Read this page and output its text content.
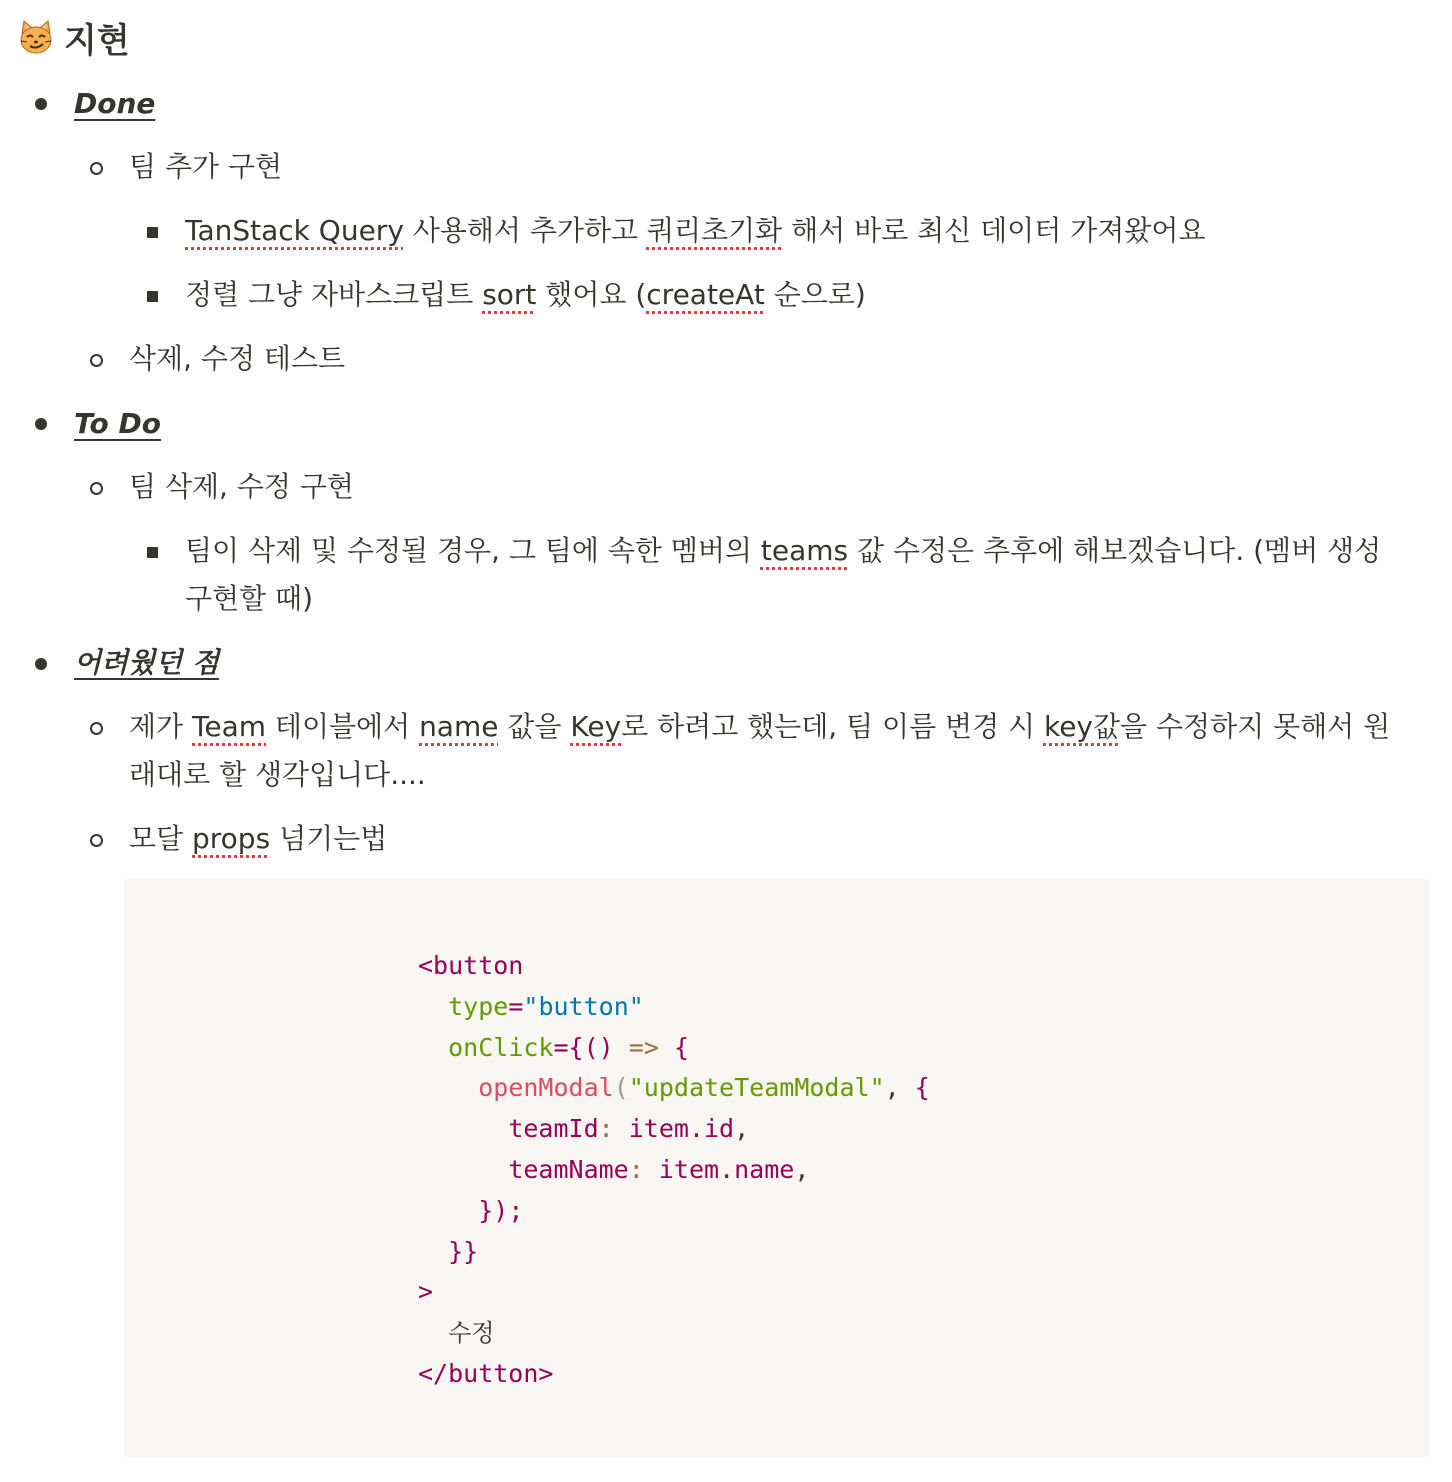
지현
Done
팀 추가 구현
TanStack Query 사용해서 추가하고 쿼리초기화 해서 바로 최신 데이터 가져왔어요
정렬 그냥 자바스크립트 sort 했어요 (createAt 순으로)
삭제, 수정 테스트
To Do
팀 삭제, 수정 구현
팀이 삭제 및 수정될 경우, 그 팀에 속한 멤버의 teams 값 수정은 추후에 해보겠습니다. (멤버 생성
구현할 때)
어려웠던 점
제가 Team 테이블에서 name 값을 Key로 하려고 했는데, 팀 이름 변경 시 key값을 수정하지 못해서 원
래대로 할 생각입니다....
모달 props 넘기는법
<button
type="button"
onClick={() => {
openModal("updateTeamModal", {
teamId: item.id,
teamName: item.name,
});
}}
>
수정
</button>
